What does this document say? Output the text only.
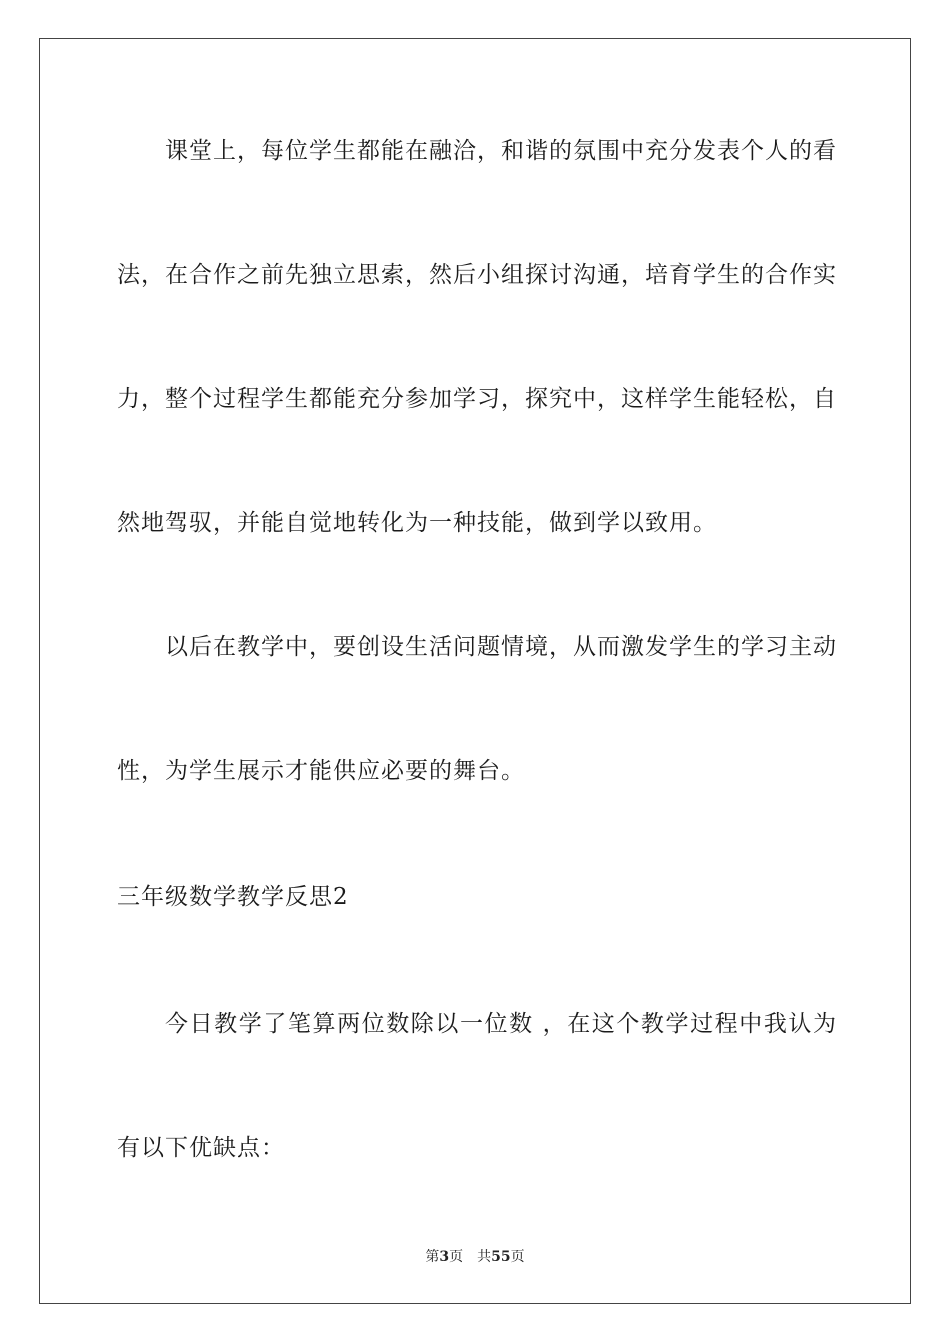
课堂上，每位学生都能在融洽，和谐的氛围中充分发表个人的看
法，在合作之前先独立思索，然后小组探讨沟通，培育学生的合作实
力，整个过程学生都能充分参加学习，探究中，这样学生能轻松，自
然地驾驭，并能自觉地转化为一种技能，做到学以致用。
以后在教学中，要创设生活问题情境，从而激发学生的学习主动
性，为学生展示才能供应必要的舞台。
三年级数学教学反思2
今日教学了笔算两位数除以一位数 ，在这个教学过程中我认为
有以下优缺点：
第3页 共55页
